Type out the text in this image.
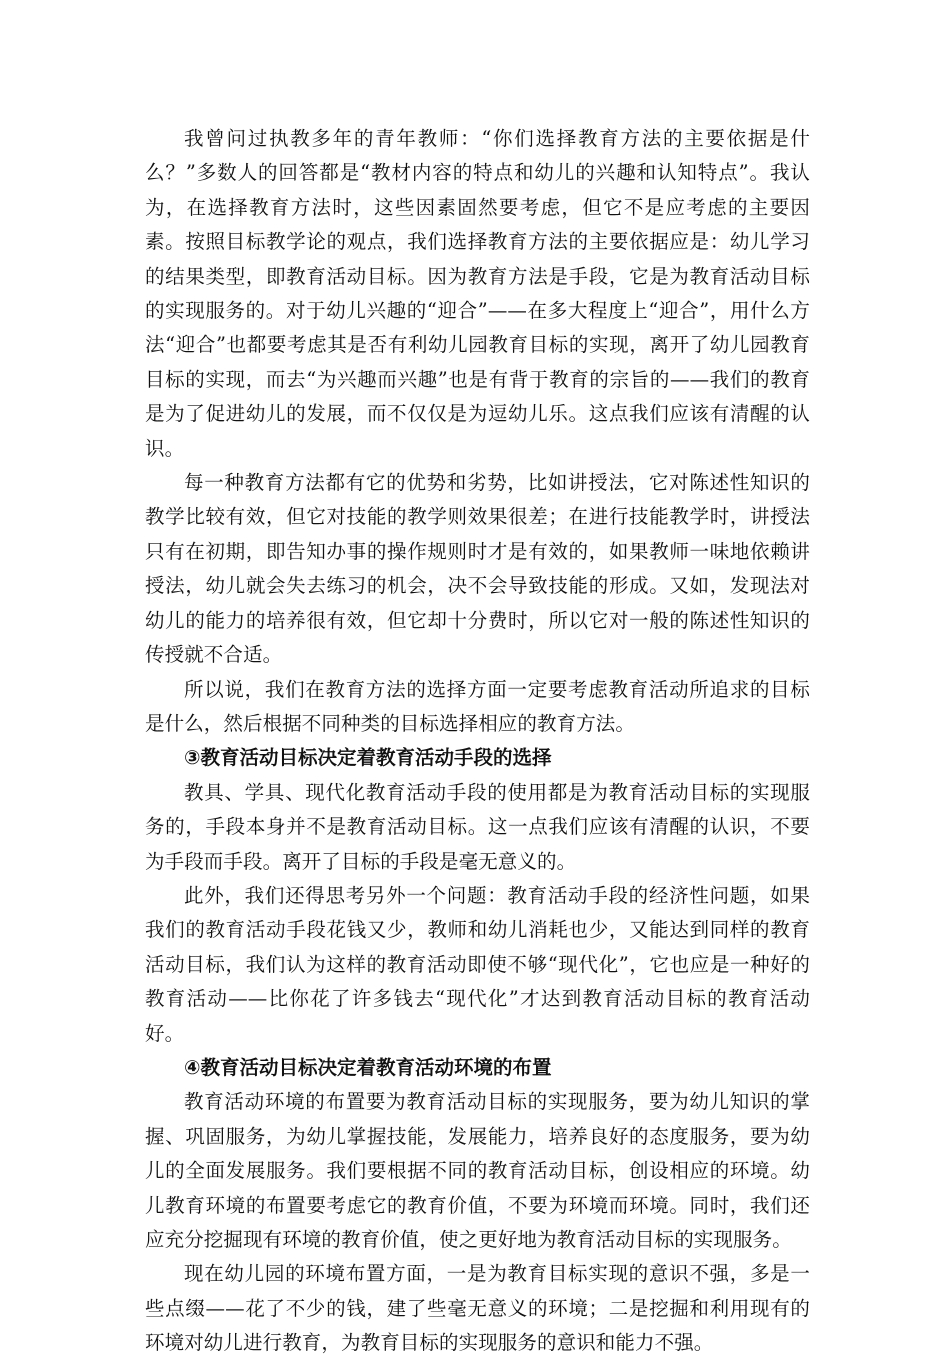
我曾问过执教多年的青年教师：“你们选择教育方法的主要依据是什么？”多数人的回答都是“教材内容的特点和幼儿的兴趣和认知特点”。我认为，在选择教育方法时，这些因素固然要考虑，但它不是应考虑的主要因素。按照目标教学论的观点，我们选择教育方法的主要依据应是：幼儿学习的结果类型，即教育活动目标。因为教育方法是手段，它是为教育活动目标的实现服务的。对于幼儿兴趣的“迎合”——在多大程度上“迎合”，用什么方法“迎合”也都要考虑其是否有利幼儿园教育目标的实现，离开了幼儿园教育目标的实现，而去“为兴趣而兴趣”也是有背于教育的宗旨的——我们的教育是为了促进幼儿的发展，而不仅仅是为逗幼儿乐。这点我们应该有清醒的认识。

每一种教育方法都有它的优势和劣势，比如讲授法，它对陈述性知识的教学比较有效，但它对技能的教学则效果很差；在进行技能教学时，讲授法只有在初期，即告知办事的操作规则时才是有效的，如果教师一味地依赖讲授法，幼儿就会失去练习的机会，决不会导致技能的形成。又如，发现法对幼儿的能力的培养很有效，但它却十分费时，所以它对一般的陈述性知识的传授就不合适。

所以说，我们在教育方法的选择方面一定要考虑教育活动所追求的目标是什么，然后根据不同种类的目标选择相应的教育方法。

③教育活动目标决定着教育活动手段的选择

教具、学具、现代化教育活动手段的使用都是为教育活动目标的实现服务的，手段本身并不是教育活动目标。这一点我们应该有清醒的认识，不要为手段而手段。离开了目标的手段是毫无意义的。

此外，我们还得思考另外一个问题：教育活动手段的经济性问题，如果我们的教育活动手段花钱又少，教师和幼儿消耗也少，又能达到同样的教育活动目标，我们认为这样的教育活动即使不够“现代化”，它也应是一种好的教育活动——比你花了许多钱去“现代化”才达到教育活动目标的教育活动好。

④教育活动目标决定着教育活动环境的布置

教育活动环境的布置要为教育活动目标的实现服务，要为幼儿知识的掌握、巩固服务，为幼儿掌握技能，发展能力，培养良好的态度服务，要为幼儿的全面发展服务。我们要根据不同的教育活动目标，创设相应的环境。幼儿教育环境的布置要考虑它的教育价值，不要为环境而环境。同时，我们还应充分挖掘现有环境的教育价值，使之更好地为教育活动目标的实现服务。

现在幼儿园的环境布置方面，一是为教育目标实现的意识不强，多是一些点缀——花了不少的钱，建了些毫无意义的环境；二是挖掘和利用现有的环境对幼儿进行教育，为教育目标的实现服务的意识和能力不强。
